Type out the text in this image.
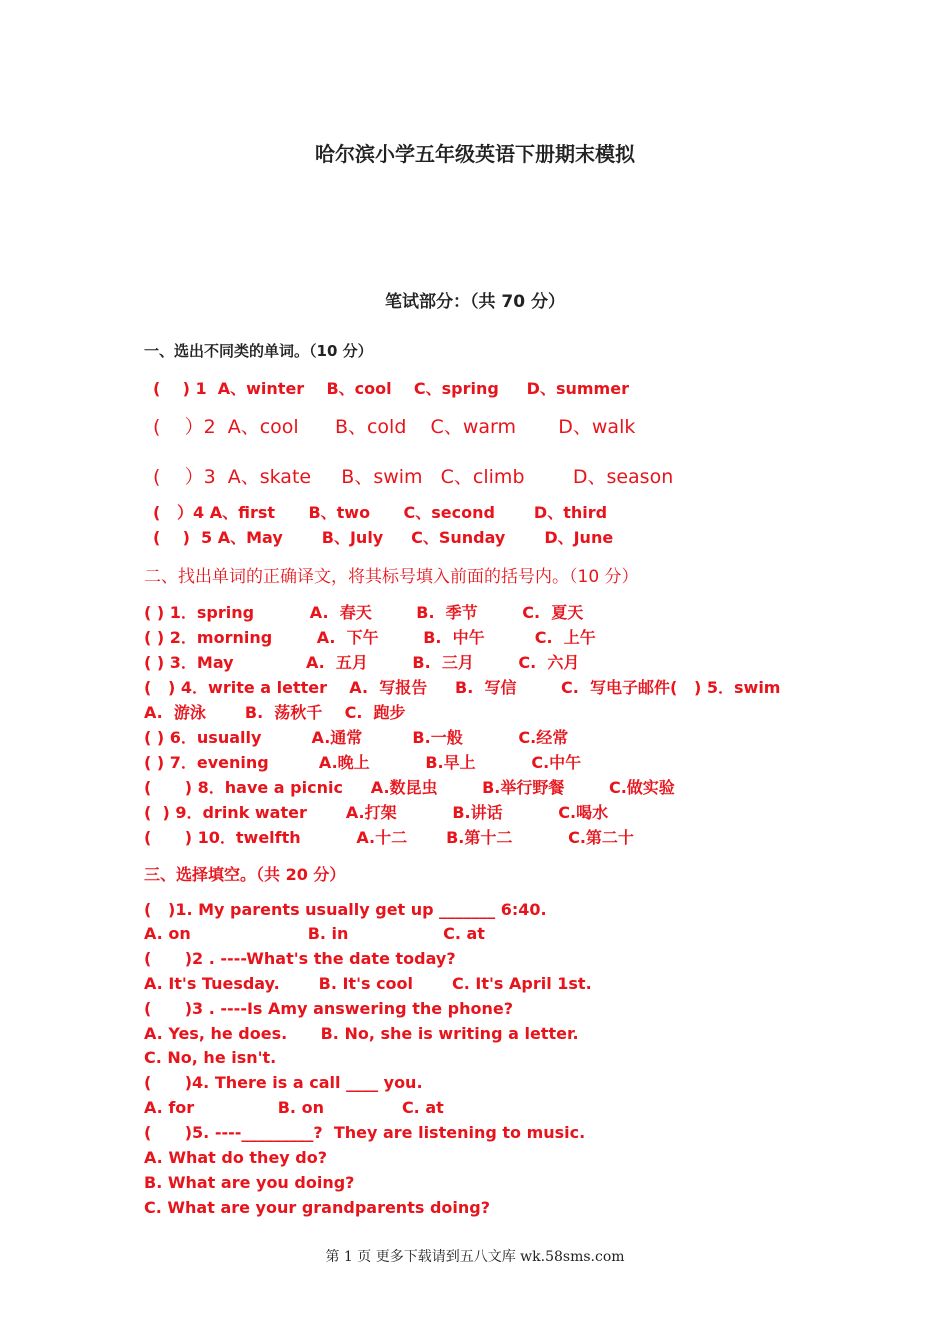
哈尔滨小学五年级英语下册期末模拟
笔试部分：（共 70 分）
一、选出不同类的单词。（10 分）
(    ) 1  A、winter    B、cool    C、spring     D、summer
(    ）2  A、cool      B、cold    C、warm       D、walk
(    ）3  A、skate     B、swim   C、climb        D、season
(   ）4 A、first      B、two      C、second       D、third
(    )  5 A、May       B、July     C、Sunday       D、June
二、找出单词的正确译文，将其标号填入前面的括号内。（10 分）
( ) 1．spring          A.  春天        B.  季节        C.  夏天
( ) 2．morning        A.  下午        B.  中午         C.  上午
( ) 3．May             A.  五月        B.  三月        C.  六月
(   ) 4．write a letter    A.  写报告     B.  写信        C.  写电子邮件(   ) 5．swim
A.  游泳       B.  荡秋千    C.  跑步
( ) 6．usually         A.通常         B.一般          C.经常
( ) 7．evening         A.晚上          B.早上          C.中午
(      ) 8．have a picnic     A.数昆虫        B.举行野餐        C.做实验
(  ) 9．drink water       A.打架          B.讲话          C.喝水
(      ) 10．twelfth          A.十二       B.第十二          C.第二十
三、选择填空。（共 20 分）
(   )1. My parents usually get up _______ 6:40.
A. on                     B. in                 C. at
(      )2 . ----What's the date today?
A. It's Tuesday.       B. It's cool       C. It's April 1st.
(      )3 . ----Is Amy answering the phone?
A. Yes, he does.      B. No, she is writing a letter.
C. No, he isn't.
(      )4. There is a call ____ you.
A. for               B. on              C. at
(      )5. ----_________?  They are listening to music.
A. What do they do?
B. What are you doing?
C. What are your grandparents doing?
第 1 页 更多下载请到五八文库 wk.58sms.com
